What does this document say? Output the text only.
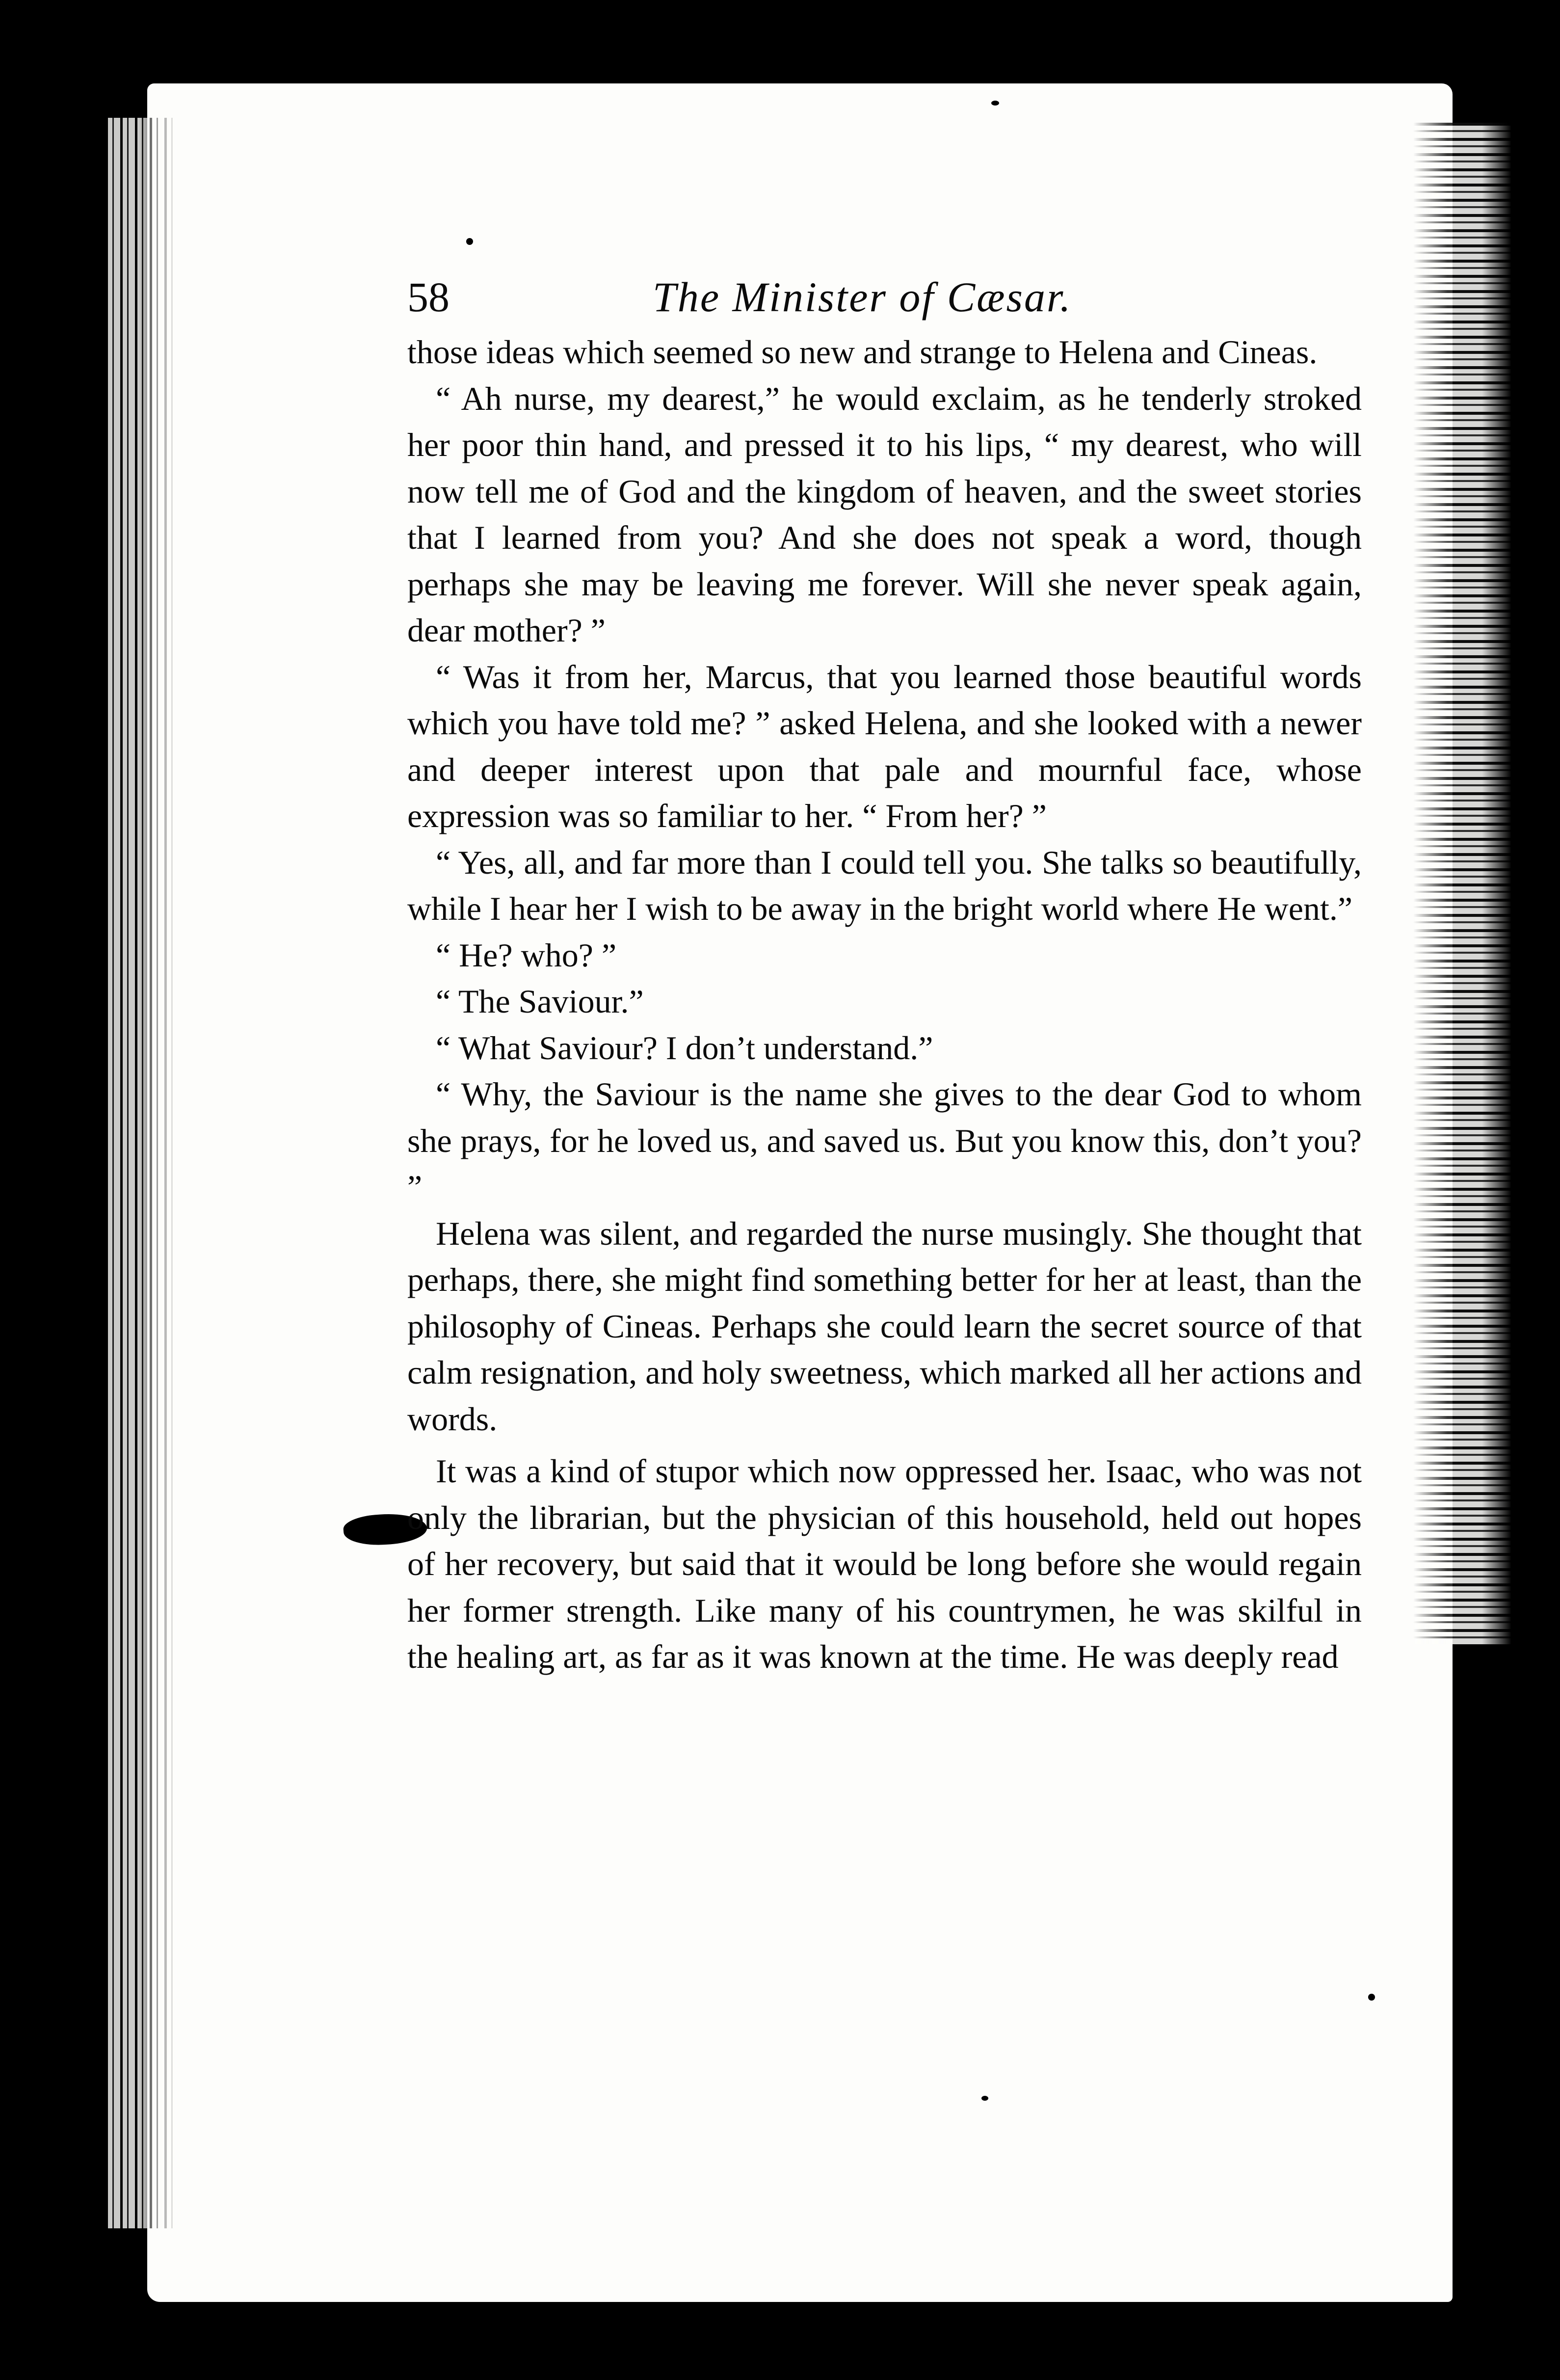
58	The Minister of Cæsar.

those ideas which seemed so new and strange to Helena and Cineas.

“ Ah nurse, my dearest,” he would exclaim, as he tenderly stroked her poor thin hand, and pressed it to his lips, “ my dearest, who will now tell me of God and the kingdom of heaven, and the sweet stories that I learned from you? And she does not speak a word, though perhaps she may be leaving me forever. Will she never speak again, dear mother? ”

“ Was it from her, Marcus, that you learned those beautiful words which you have told me? ” asked Helena, and she looked with a newer and deeper interest upon that pale and mournful face, whose expression was so familiar to her. “ From her? ”

“ Yes, all, and far more than I could tell you. She talks so beautifully, while I hear her I wish to be away in the bright world where He went.”

“ He? who? ”

“ The Saviour.”

“ What Saviour? I don’t understand.”

“ Why, the Saviour is the name she gives to the dear God to whom she prays, for he loved us, and saved us. But you know this, don’t you? ”

Helena was silent, and regarded the nurse musingly. She thought that perhaps, there, she might find something better for her at least, than the philosophy of Cineas. Perhaps she could learn the secret source of that calm resignation, and holy sweetness, which marked all her actions and words.

It was a kind of stupor which now oppressed her. Isaac, who was not only the librarian, but the physician of this household, held out hopes of her recovery, but said that it would be long before she would regain her former strength. Like many of his countrymen, he was skilful in the healing art, as far as it was known at the time. He was deeply read
